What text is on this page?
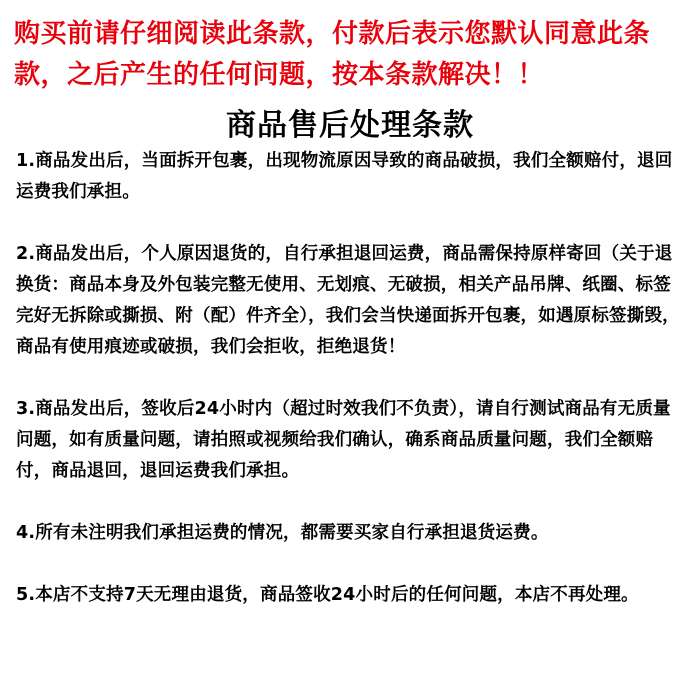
购买前请仔细阅读此条款，付款后表示您默认同意此条款，之后产生的任何问题，按本条款解决！！

商品售后处理条款

1.商品发出后，当面拆开包裹，出现物流原因导致的商品破损，我们全额赔付，退回运费我们承担。

2.商品发出后，个人原因退货的，自行承担退回运费，商品需保持原样寄回（关于退换货：商品本身及外包装完整无使用、无划痕、无破损，相关产品吊牌、纸圈、标签完好无拆除或撕损、附（配）件齐全），我们会当快递面拆开包裹，如遇原标签撕毁，商品有使用痕迹或破损，我们会拒收，拒绝退货！

3.商品发出后，签收后24小时内（超过时效我们不负责），请自行测试商品有无质量问题，如有质量问题，请拍照或视频给我们确认，确系商品质量问题，我们全额赔付，商品退回，退回运费我们承担。

4.所有未注明我们承担运费的情况，都需要买家自行承担退货运费。

5.本店不支持7天无理由退货，商品签收24小时后的任何问题，本店不再处理。
